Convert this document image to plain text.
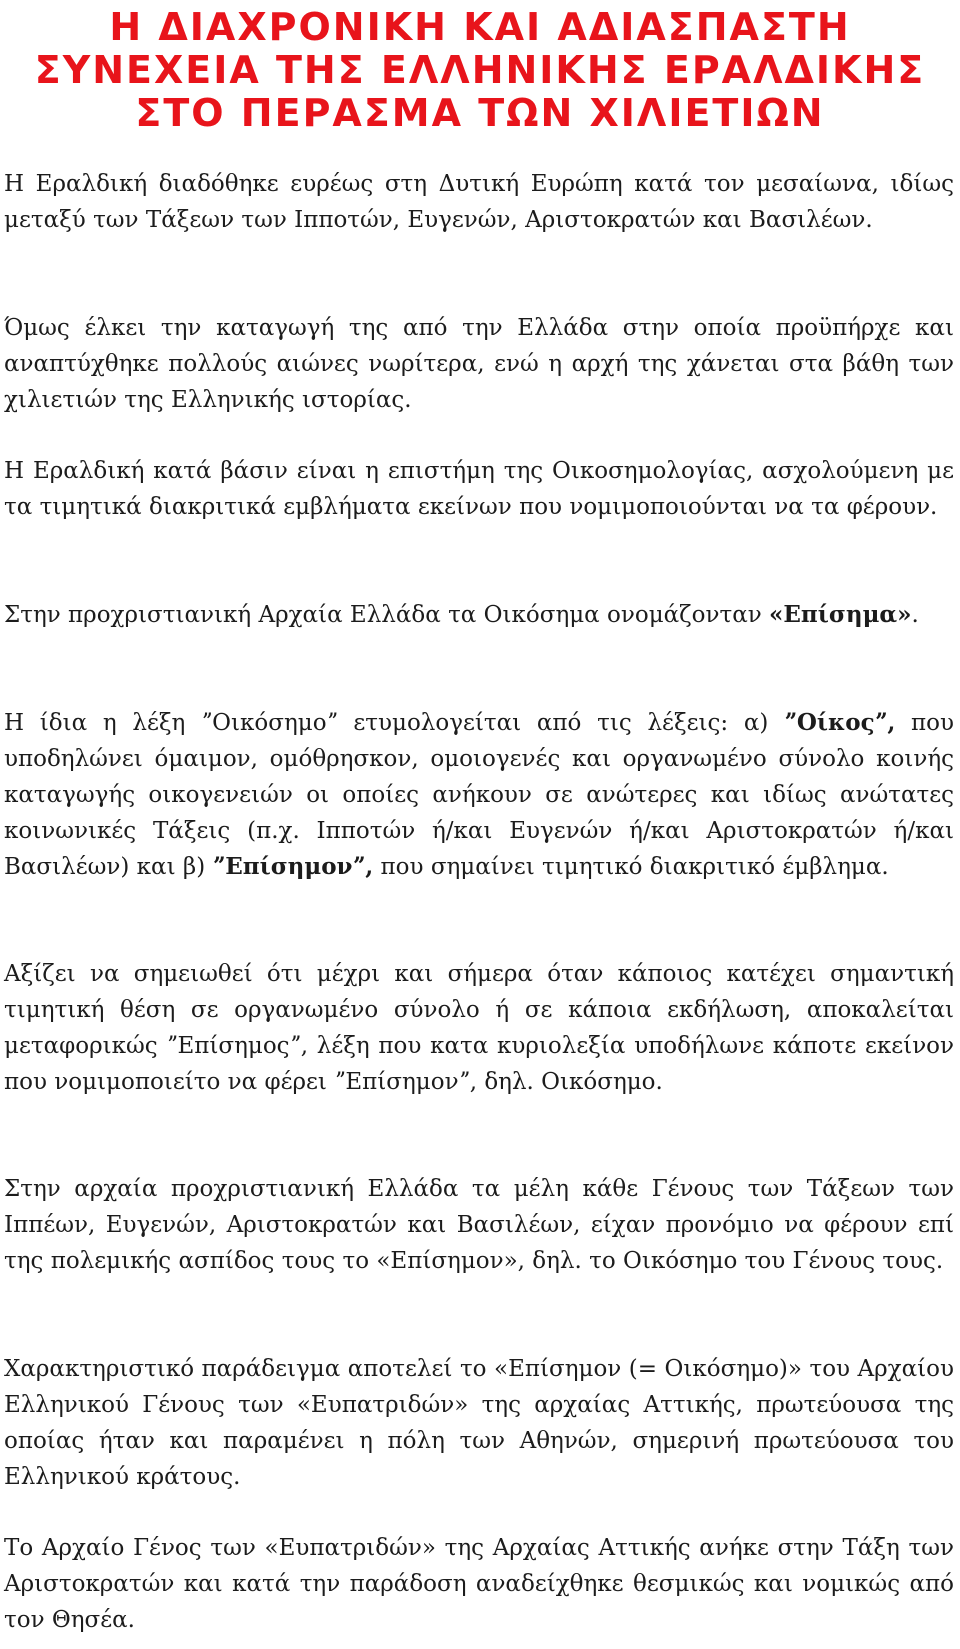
Η ΔΙΑΧΡΟΝΙΚΗ ΚΑΙ ΑΔΙΑΣΠΑΣΤΗ
ΣΥΝΕΧΕΙΑ ΤΗΣ ΕΛΛΗΝΙΚΗΣ ΕΡΑΛΔΙΚΗΣ
ΣΤΟ ΠΕΡΑΣΜΑ ΤΩΝ ΧΙΛΙΕΤΙΩΝ

Η Εραλδική διαδόθηκε ευρέως στη Δυτική Ευρώπη κατά τον μεσαίωνα, ιδίως μεταξύ των Τάξεων των Ιπποτών, Ευγενών, Αριστοκρατών και Βασιλέων.

Όμως έλκει την καταγωγή της από την Ελλάδα στην οποία προϋπήρχε και αναπτύχθηκε πολλούς αιώνες νωρίτερα, ενώ η αρχή της χάνεται στα βάθη των χιλιετιών της Ελληνικής ιστορίας.

Η Εραλδική κατά βάσιν είναι η επιστήμη της Οικοσημολογίας, ασχολούμενη με τα τιμητικά διακριτικά εμβλήματα εκείνων που νομιμοποιούνται να τα φέρουν.

Στην προχριστιανική Αρχαία Ελλάδα τα Οικόσημα ονομάζονταν «Επίσημα».

Η ίδια η λέξη ˮΟικόσημοˮ ετυμολογείται από τις λέξεις: α) ˮΟίκοςˮ, που υποδηλώνει όμαιμον, ομόθρησκον, ομοιογενές και οργανωμένο σύνολο κοινής καταγωγής οικογενειών οι οποίες ανήκουν σε ανώτερες και ιδίως ανώτατες κοινωνικές Τάξεις (π.χ. Ιπποτών ή/και Ευγενών ή/και Αριστοκρατών ή/και Βασιλέων) και β) ˮΕπίσημονˮ, που σημαίνει τιμητικό διακριτικό έμβλημα.

Αξίζει να σημειωθεί ότι μέχρι και σήμερα όταν κάποιος κατέχει σημαντική τιμητική θέση σε οργανωμένο σύνολο ή σε κάποια εκδήλωση, αποκαλείται μεταφορικώς ˮΕπίσημοςˮ, λέξη που κατα κυριολεξία υποδήλωνε κάποτε εκείνον που νομιμοποιείτο να φέρει ˮΕπίσημονˮ, δηλ. Οικόσημο.

Στην αρχαία προχριστιανική Ελλάδα τα μέλη κάθε Γένους των Τάξεων των Ιππέων, Ευγενών, Αριστοκρατών και Βασιλέων, είχαν προνόμιο να φέρουν επί της πολεμικής ασπίδος τους το «Επίσημον», δηλ. το Οικόσημο του Γένους τους.

Χαρακτηριστικό παράδειγμα αποτελεί το «Επίσημον (= Οικόσημο)» του Αρχαίου Ελληνικού Γένους των «Ευπατριδών» της αρχαίας Αττικής, πρωτεύουσα της οποίας ήταν και παραμένει η πόλη των Αθηνών, σημερινή πρωτεύουσα του Ελληνικού κράτους.

Το Αρχαίο Γένος των «Ευπατριδών» της Αρχαίας Αττικής ανήκε στην Τάξη των Αριστοκρατών και κατά την παράδοση αναδείχθηκε θεσμικώς και νομικώς από τον Θησέα.
